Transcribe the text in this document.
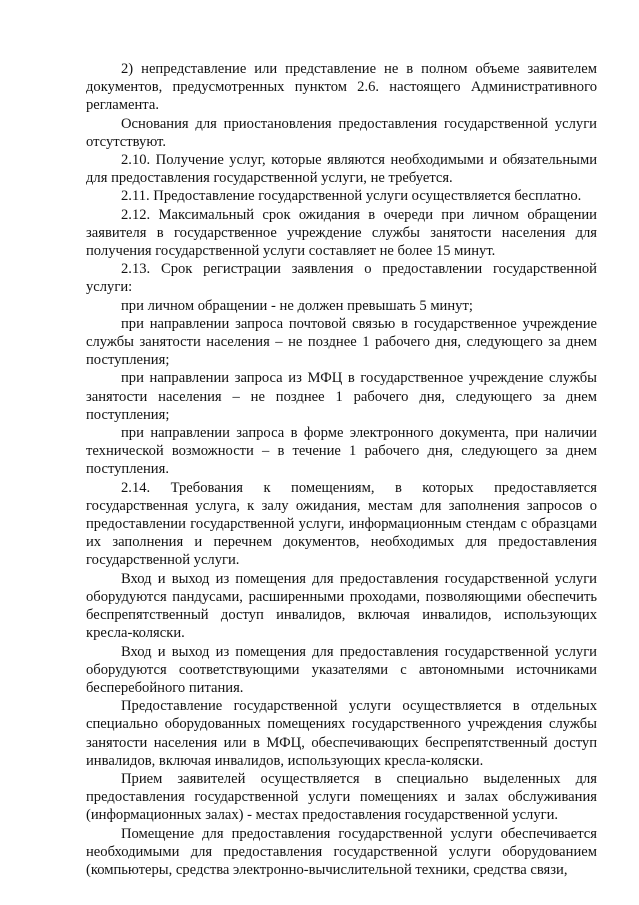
2) непредставление или представление не в полном объеме заявителем документов, предусмотренных пунктом 2.6. настоящего Административного регламента.

Основания для приостановления предоставления государственной услуги отсутствуют.

2.10. Получение услуг, которые являются необходимыми и обязательными для предоставления государственной услуги, не требуется.

2.11. Предоставление государственной услуги осуществляется бесплатно.

2.12. Максимальный срок ожидания в очереди при личном обращении заявителя в государственное учреждение службы занятости населения для получения государственной услуги составляет не более 15 минут.

2.13. Срок регистрации заявления о предоставлении государственной услуги:

при личном обращении - не должен превышать 5 минут;

при направлении запроса почтовой связью в государственное учреждение службы занятости населения – не позднее 1 рабочего дня, следующего за днем поступления;

при направлении запроса из МФЦ в государственное учреждение службы занятости населения – не позднее 1 рабочего дня, следующего за днем поступления;

при направлении запроса в форме электронного документа, при наличии технической возможности – в течение 1 рабочего дня, следующего за днем поступления.

2.14. Требования к помещениям, в которых предоставляется государственная услуга, к залу ожидания, местам для заполнения запросов о предоставлении государственной услуги, информационным стендам с образцами их заполнения и перечнем документов, необходимых для предоставления государственной услуги.

Вход и выход из помещения для предоставления государственной услуги оборудуются пандусами, расширенными проходами, позволяющими обеспечить беспрепятственный доступ инвалидов, включая инвалидов, использующих кресла-коляски.

Вход и выход из помещения для предоставления государственной услуги оборудуются соответствующими указателями с автономными источниками бесперебойного питания.

Предоставление государственной услуги осуществляется в отдельных специально оборудованных помещениях государственного учреждения службы занятости населения или в МФЦ, обеспечивающих беспрепятственный доступ инвалидов, включая инвалидов, использующих кресла-коляски.

Прием заявителей осуществляется в специально выделенных для предоставления государственной услуги помещениях и залах обслуживания (информационных залах) - местах предоставления государственной услуги.

Помещение для предоставления государственной услуги обеспечивается необходимыми для предоставления государственной услуги оборудованием (компьютеры, средства электронно-вычислительной техники, средства связи,
